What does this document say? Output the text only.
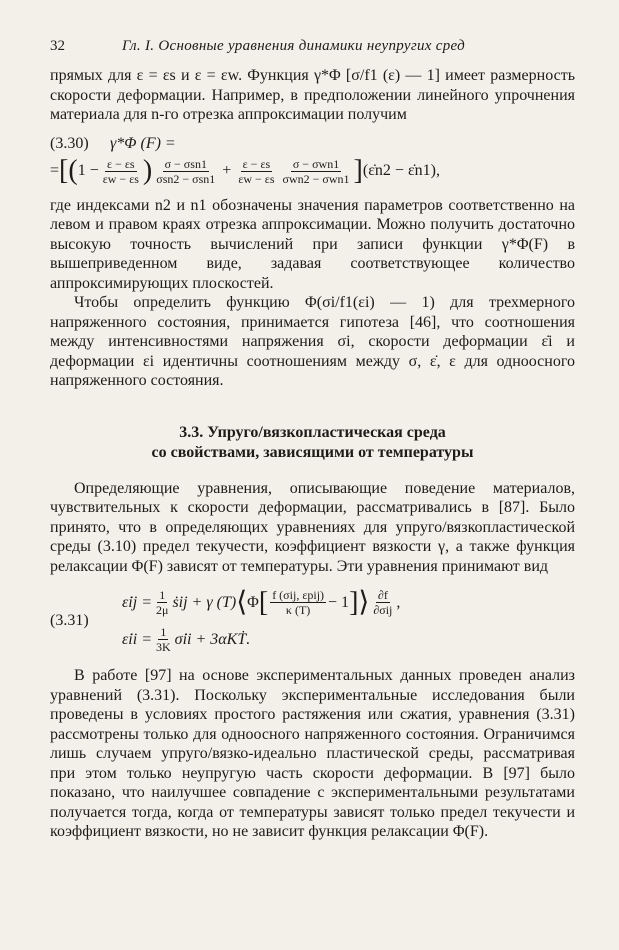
32	Гл. I. Основные уравнения динамики неупругих сред

прямых для ε = εs и ε = εw. Функция γ*Φ [σ/f1 (ε) — 1] имеет размерность скорости деформации. Например, в предположении линейного упрочнения материала для n-го отрезка аппроксимации получим

(3.30)	γ*Φ (F) =
= [( $1 - \frac{\varepsilon - \varepsilon s}{\varepsilon w - \varepsilon s}$ ) $\frac{\text{σ − σsn1}}{\text{σsn2 − σsn1}} + \frac{\varepsilon - \varepsilon s}{\varepsilon w - \varepsilon s} \frac{\text{σ − σwn1}}{\text{σwn2 − σwn1}}$ ] (ε̇n2 − ε̇n1),

где индексами n2 и n1 обозначены значения параметров соответственно на левом и правом краях отрезка аппроксимации. Можно получить достаточно высокую точность вычислений при записи функции γ*Φ(F) в вышеприведенном виде, задавая соответствующее количество аппроксимирующих плоскостей.

Чтобы определить функцию Φ(σi/f1(εi) — 1) для трехмерного напряженного состояния, принимается гипотеза [46], что соотношения между интенсивностями напряжения σi, скорости деформации ε̇i и деформации εi идентичны соотношениям между σ, ε̇, ε для одноосного напряженного состояния.

3.3. Упруго/вязкопластическая среда
со свойствами, зависящими от температуры

Определяющие уравнения, описывающие поведение материалов, чувствительных к скорости деформации, рассматривались в [87]. Было принято, что в определяющих уравнениях для упруго/вязкопластической среды (3.10) предел текучести, коэффициент вязкости γ, а также функция релаксации Φ(F) зависят от температуры. Эти уравнения принимают вид

(3.31)
ε̇ij = $\frac{1}{2\mu}$ ṡij + γ (T) ⟨ Φ [ $\frac{\text{f (σij, εpij)}}{\kappa (T)} - 1$ ] ⟩ $\frac{\partial f}{\text{∂σij}}$ ,
ε̇ii = $\frac{1}{3K}$ σ̇ii + 3αKṪ.

В работе [97] на основе экспериментальных данных проведен анализ уравнений (3.31). Поскольку экспериментальные исследования были проведены в условиях простого растяжения или сжатия, уравнения (3.31) рассмотрены только для одноосного напряженного состояния. Ограничимся лишь случаем упруго/вязко-идеально пластической среды, рассматривая при этом только неупругую часть скорости деформации. В [97] было показано, что наилучшее совпадение с экспериментальными результатами получается тогда, когда от температуры зависят только предел текучести и коэффициент вязкости, но не зависит функция релаксации Φ(F).
